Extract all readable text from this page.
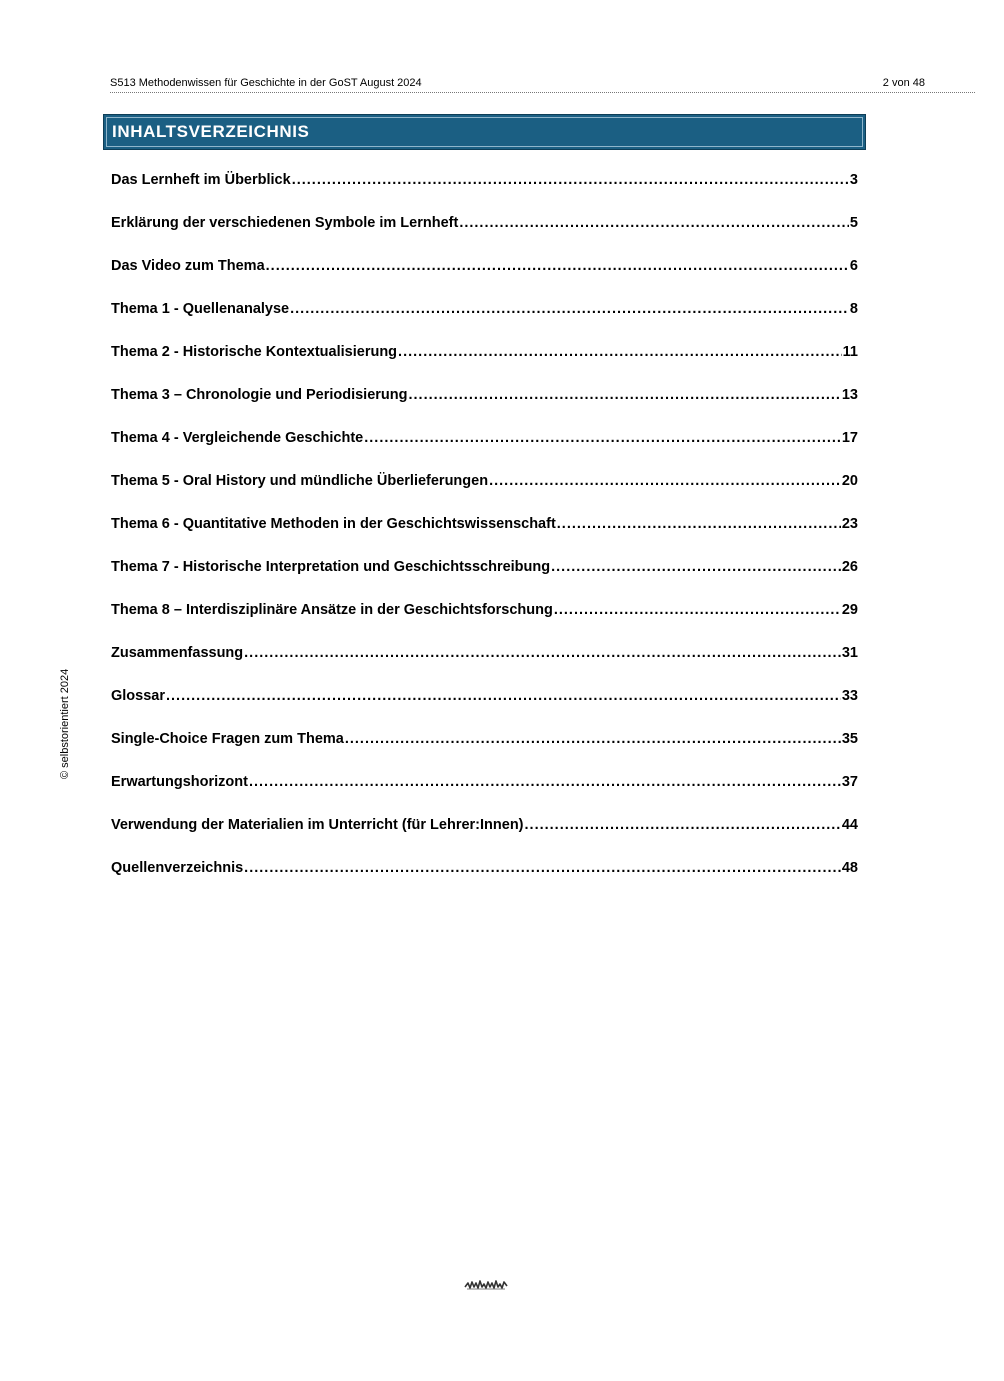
S513 Methodenwissen für Geschichte in der GoST August 2024	2 von 48
INHALTSVERZEICHNIS
Das Lernheft im Überblick .....	3
Erklärung der verschiedenen Symbole im Lernheft .....	5
Das Video zum Thema .....	6
Thema 1 - Quellenanalyse .....	8
Thema 2 - Historische Kontextualisierung .....	11
Thema 3 – Chronologie und Periodisierung .....	13
Thema 4 - Vergleichende Geschichte .....	17
Thema 5 - Oral History und mündliche Überlieferungen .....	20
Thema 6 - Quantitative Methoden in der Geschichtswissenschaft .....	23
Thema 7 - Historische Interpretation und Geschichtsschreibung .....	26
Thema 8 – Interdisziplinäre Ansätze in der Geschichtsforschung .....	29
Zusammenfassung .....	31
Glossar .....	33
Single-Choice Fragen zum Thema .....	35
Erwartungshorizont .....	37
Verwendung der Materialien im Unterricht (für Lehrer:Innen) .....	44
Quellenverzeichnis .....	48
© selbstorientiert 2024
